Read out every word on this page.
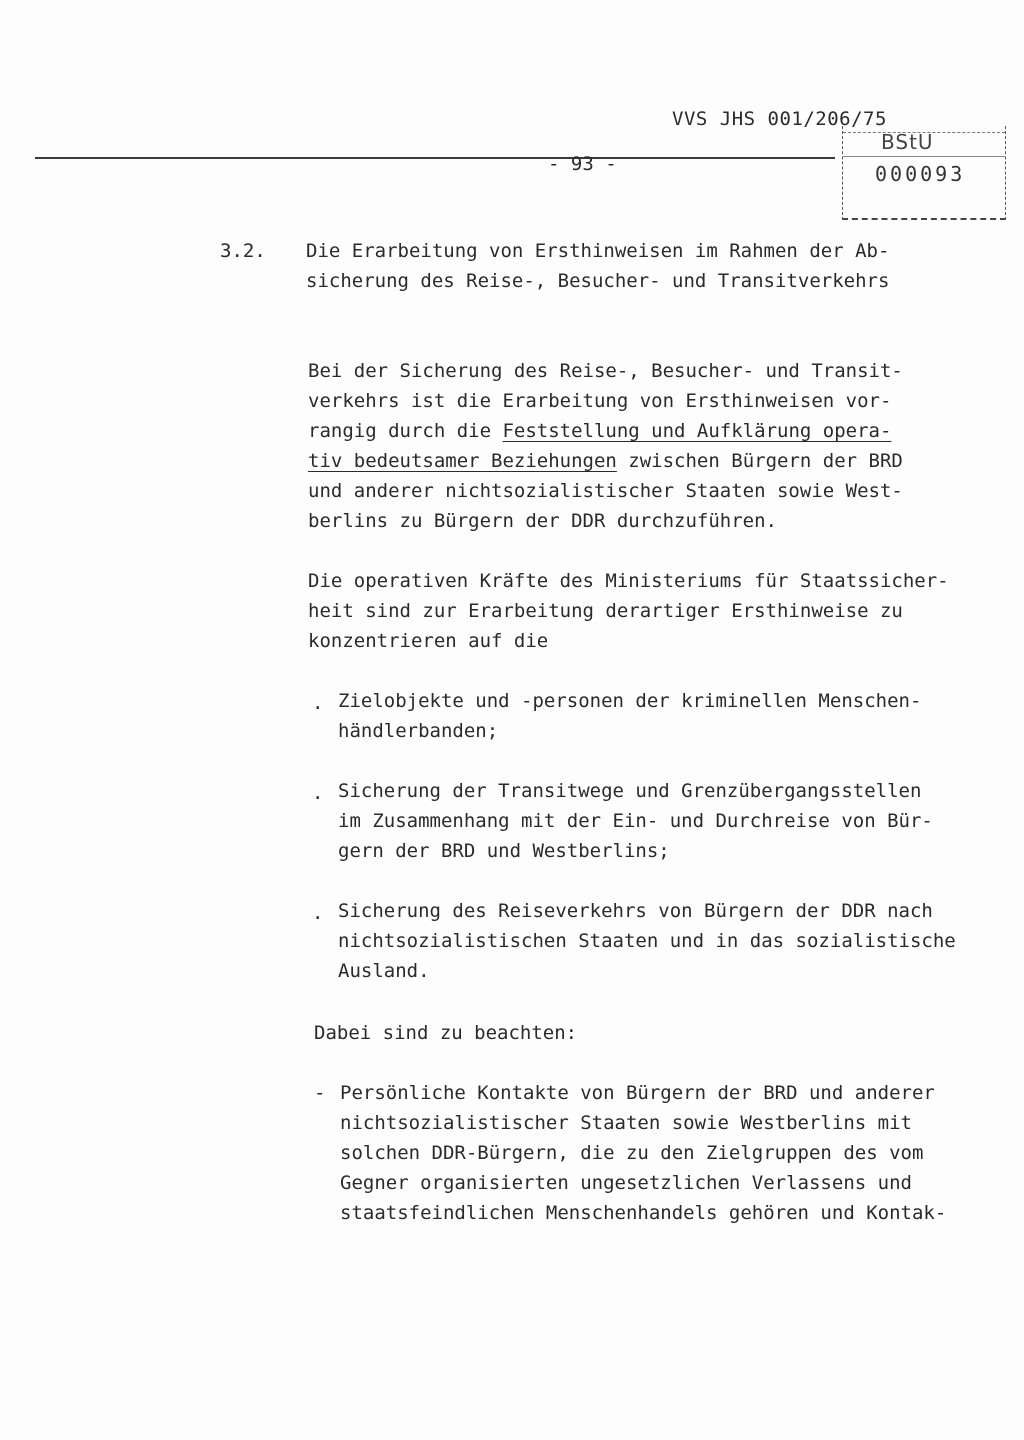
VVS JHS 001/206/75
- 93 -
BStU
000093
3.2. Die Erarbeitung von Ersthinweisen im Rahmen der Ab-
sicherung des Reise-, Besucher- und Transitverkehrs
Bei der Sicherung des Reise-, Besucher- und Transit-
verkehrs ist die Erarbeitung von Ersthinweisen vor-
rangig durch die Feststellung und Aufklärung opera-
tiv bedeutsamer Beziehungen zwischen Bürgern der BRD
und anderer nichtsozialistischer Staaten sowie West-
berlins zu Bürgern der DDR durchzuführen.
Die operativen Kräfte des Ministeriums für Staatssicher-
heit sind zur Erarbeitung derartiger Ersthinweise zu
konzentrieren auf die
. Zielobjekte und -personen der kriminellen Menschen-
händlerbanden;
. Sicherung der Transitwege und Grenzübergangsstellen
im Zusammenhang mit der Ein- und Durchreise von Bür-
gern der BRD und Westberlins;
. Sicherung des Reiseverkehrs von Bürgern der DDR nach
nichtsozialistischen Staaten und in das sozialistische
Ausland.
Dabei sind zu beachten:
- Persönliche Kontakte von Bürgern der BRD und anderer
nichtsozialistischer Staaten sowie Westberlins mit
solchen DDR-Bürgern, die zu den Zielgruppen des vom
Gegner organisierten ungesetzlichen Verlassens und
staatsfeindlichen Menschenhandels gehören und Kontak-
